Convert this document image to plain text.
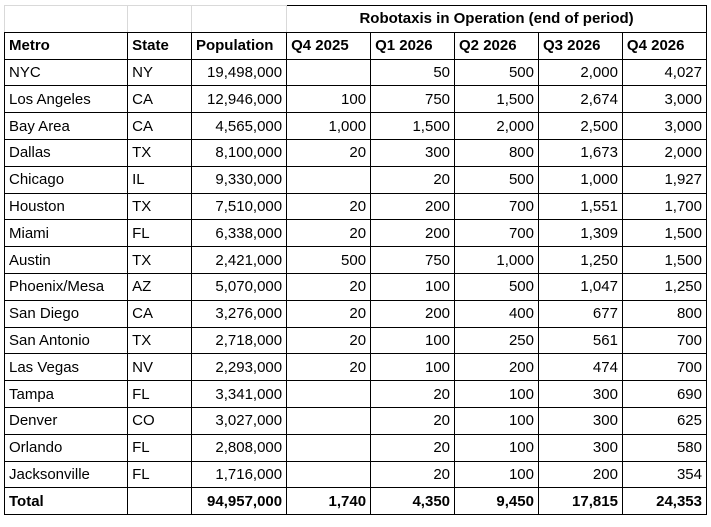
			Robotaxis in Operation (end of period)				
Metro	State	Population	Q4 2025	Q1 2026	Q2 2026	Q3 2026	Q4 2026
NYC	NY	19,498,000		50	500	2,000	4,027
Los Angeles	CA	12,946,000	100	750	1,500	2,674	3,000
Bay Area	CA	4,565,000	1,000	1,500	2,000	2,500	3,000
Dallas	TX	8,100,000	20	300	800	1,673	2,000
Chicago	IL	9,330,000		20	500	1,000	1,927
Houston	TX	7,510,000	20	200	700	1,551	1,700
Miami	FL	6,338,000	20	200	700	1,309	1,500
Austin	TX	2,421,000	500	750	1,000	1,250	1,500
Phoenix/Mesa	AZ	5,070,000	20	100	500	1,047	1,250
San Diego	CA	3,276,000	20	200	400	677	800
San Antonio	TX	2,718,000	20	100	250	561	700
Las Vegas	NV	2,293,000	20	100	200	474	700
Tampa	FL	3,341,000		20	100	300	690
Denver	CO	3,027,000		20	100	300	625
Orlando	FL	2,808,000		20	100	300	580
Jacksonville	FL	1,716,000		20	100	200	354
Total		94,957,000	1,740	4,350	9,450	17,815	24,353
